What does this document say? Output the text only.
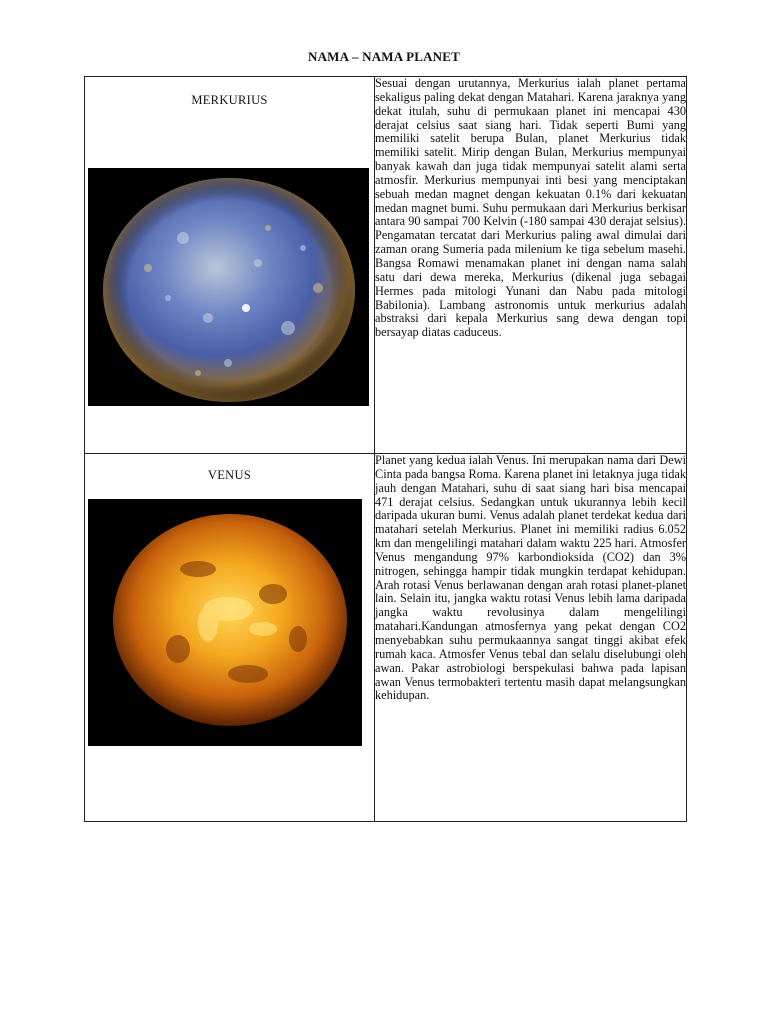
NAMA – NAMA PLANET
MERKURIUS	Sesuai dengan urutannya, Merkurius ialah planet pertama sekaligus paling dekat dengan Matahari. Karena jaraknya yang dekat itulah, suhu di permukaan planet ini mencapai 430 derajat celsius saat siang hari. Tidak seperti Bumi yang memiliki satelit berupa Bulan, planet Merkurius tidak memiliki satelit. Mirip dengan Bulan, Merkurius mempunyai banyak kawah dan juga tidak mempunyai satelit alami serta atmosfir. Merkurius mempunyai inti besi yang menciptakan sebuah medan magnet dengan kekuatan 0.1% dari kekuatan medan magnet bumi. Suhu permukaan dari Merkurius berkisar antara 90 sampai 700 Kelvin (-180 sampai 430 derajat selsius). Pengamatan tercatat dari Merkurius paling awal dimulai dari zaman orang Sumeria pada milenium ke tiga sebelum masehi. Bangsa Romawi menamakan planet ini dengan nama salah satu dari dewa mereka, Merkurius (dikenal juga sebagai Hermes pada mitologi Yunani dan Nabu pada mitologi Babilonia). Lambang astronomis untuk merkurius adalah abstraksi dari kepala Merkurius sang dewa dengan topi bersayap diatas caduceus.

VENUS	Planet yang kedua ialah Venus. Ini merupakan nama dari Dewi Cinta pada bangsa Roma. Karena planet ini letaknya juga tidak jauh dengan Matahari, suhu di saat siang hari bisa mencapai 471 derajat celsius. Sedangkan untuk ukurannya lebih kecil daripada ukuran bumi. Venus adalah planet terdekat kedua dari matahari setelah Merkurius. Planet ini memiliki radius 6.052 km dan mengelilingi matahari dalam waktu 225 hari. Atmosfer Venus mengandung 97% karbondioksida (CO2) dan 3% nitrogen, sehingga hampir tidak mungkin terdapat kehidupan. Arah rotasi Venus berlawanan dengan arah rotasi planet-planet lain. Selain itu, jangka waktu rotasi Venus lebih lama daripada jangka waktu revolusinya dalam mengelilingi matahari.Kandungan atmosfernya yang pekat dengan CO2 menyebabkan suhu permukaannya sangat tinggi akibat efek rumah kaca. Atmosfer Venus tebal dan selalu diselubungi oleh awan. Pakar astrobiologi berspekulasi bahwa pada lapisan awan Venus termobakteri tertentu masih dapat melangsungkan kehidupan.
